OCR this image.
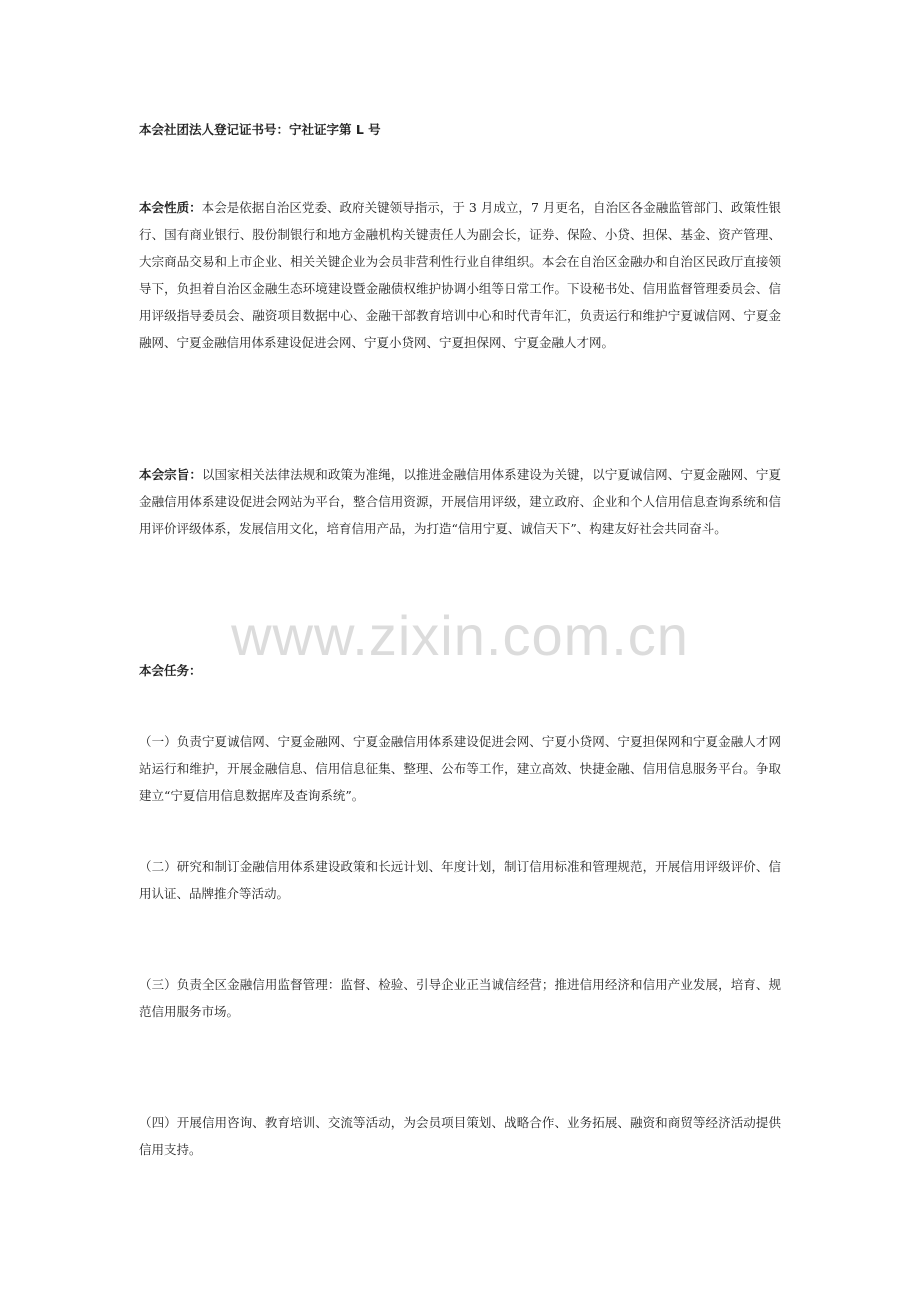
本会社团法人登记证书号：宁社证字第 L 号
本会性质：本会是依据自治区党委、政府关键领导指示，于 3 月成立，7 月更名，自治区各金融监管部门、政策性银行、国有商业银行、股份制银行和地方金融机构关键责任人为副会长，证券、保险、小贷、担保、基金、资产管理、大宗商品交易和上市企业、相关关键企业为会员非营利性行业自律组织。本会在自治区金融办和自治区民政厅直接领导下，负担着自治区金融生态环境建设暨金融债权维护协调小组等日常工作。下设秘书处、信用监督管理委员会、信用评级指导委员会、融资项目数据中心、金融干部教育培训中心和时代青年汇，负责运行和维护宁夏诚信网、宁夏金融网、宁夏金融信用体系建设促进会网、宁夏小贷网、宁夏担保网、宁夏金融人才网。
本会宗旨：以国家相关法律法规和政策为准绳，以推进金融信用体系建设为关键，以宁夏诚信网、宁夏金融网、宁夏金融信用体系建设促进会网站为平台，整合信用资源，开展信用评级，建立政府、企业和个人信用信息查询系统和信用评价评级体系，发展信用文化，培育信用产品，为打造“信用宁夏、诚信天下”、构建友好社会共同奋斗。
本会任务：
（一）负责宁夏诚信网、宁夏金融网、宁夏金融信用体系建设促进会网、宁夏小贷网、宁夏担保网和宁夏金融人才网站运行和维护，开展金融信息、信用信息征集、整理、公布等工作，建立高效、快捷金融、信用信息服务平台。争取建立“宁夏信用信息数据库及查询系统”。
（二）研究和制订金融信用体系建设政策和长远计划、年度计划，制订信用标准和管理规范，开展信用评级评价、信用认证、品牌推介等活动。
（三）负责全区金融信用监督管理：监督、检验、引导企业正当诚信经营；推进信用经济和信用产业发展，培育、规范信用服务市场。
（四）开展信用咨询、教育培训、交流等活动，为会员项目策划、战略合作、业务拓展、融资和商贸等经济活动提供信用支持。
www.zixin.com.cn
